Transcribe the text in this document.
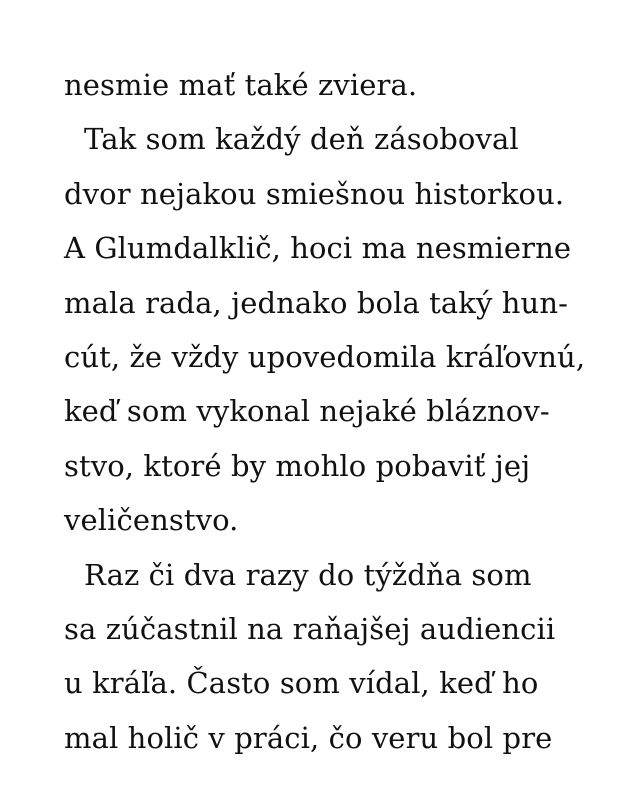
nesmie mať také zviera.
Tak som každý deň zásoboval
dvor nejakou smiešnou historkou.
A Glumdalklič, hoci ma nesmierne
mala rada, jednako bola taký hun-
cút, že vždy upovedomila kráľovnú,
keď som vykonal nejaké bláznov-
stvo, ktoré by mohlo pobaviť jej
veličenstvo.
Raz či dva razy do týždňa som
sa zúčastnil na raňajšej audiencii
u kráľa. Často som vídal, keď ho
mal holič v práci, čo veru bol pre
